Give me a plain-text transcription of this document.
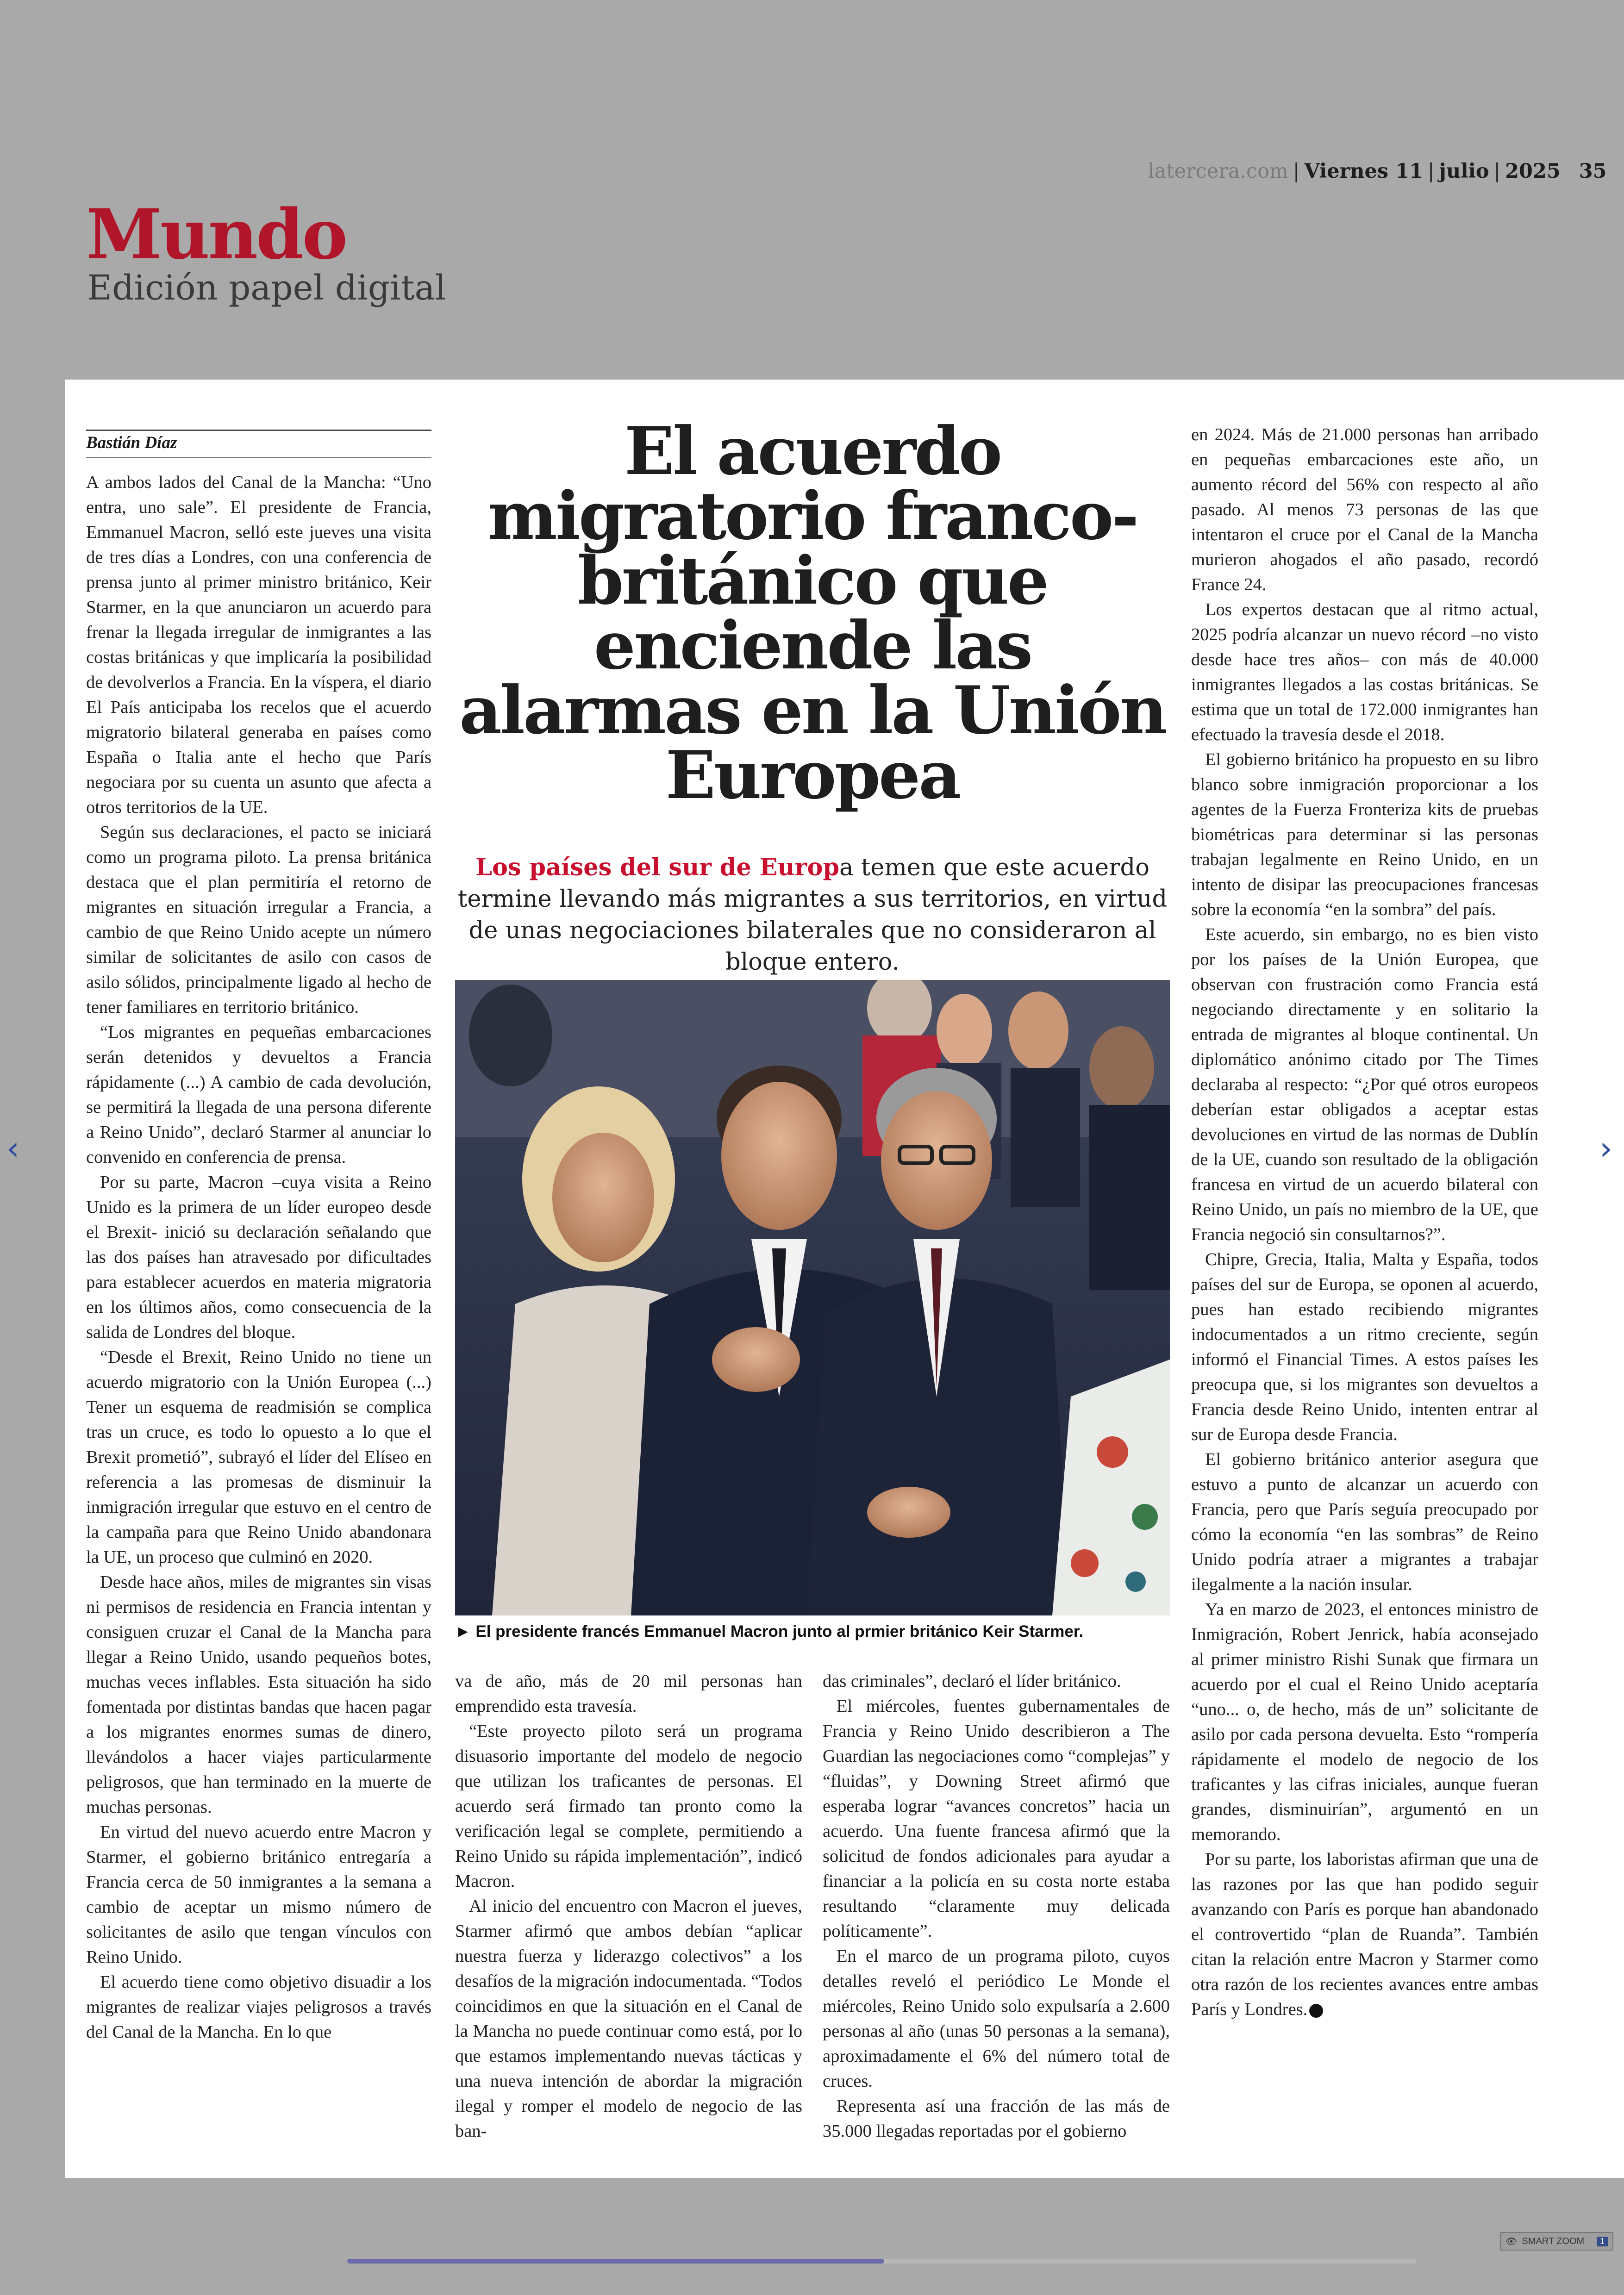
latercera.com | Viernes 11 | julio | 2025 35
Mundo
Edición papel digital
Bastián Díaz

A ambos lados del Canal de la Mancha: “Uno entra, uno sale”. El presidente de Francia, Emmanuel Macron, selló este jueves una visita de tres días a Londres, con una conferencia de prensa junto al primer ministro británico, Keir Starmer, en la que anunciaron un acuerdo para frenar la llegada irregular de inmigrantes a las costas británicas y que implicaría la posibilidad de devolverlos a Francia. En la víspera, el diario El País anticipaba los recelos que el acuerdo migratorio bilateral generaba en países como España o Italia ante el hecho que París negociara por su cuenta un asunto que afecta a otros territorios de la UE.

Según sus declaraciones, el pacto se iniciará como un programa piloto. La prensa británica destaca que el plan permitiría el retorno de migrantes en situación irregular a Francia, a cambio de que Reino Unido acepte un número similar de solicitantes de asilo con casos de asilo sólidos, principalmente ligado al hecho de tener familiares en territorio británico.

“Los migrantes en pequeñas embarcaciones serán detenidos y devueltos a Francia rápidamente (...) A cambio de cada devolución, se permitirá la llegada de una persona diferente a Reino Unido”, declaró Starmer al anunciar lo convenido en conferencia de prensa.

Por su parte, Macron –cuya visita a Reino Unido es la primera de un líder europeo desde el Brexit- inició su declaración señalando que las dos países han atravesado por dificultades para establecer acuerdos en materia migratoria en los últimos años, como consecuencia de la salida de Londres del bloque.

“Desde el Brexit, Reino Unido no tiene un acuerdo migratorio con la Unión Europea (...) Tener un esquema de readmisión se complica tras un cruce, es todo lo opuesto a lo que el Brexit prometió”, subrayó el líder del Elíseo en referencia a las promesas de disminuir la inmigración irregular que estuvo en el centro de la campaña para que Reino Unido abandonara la UE, un proceso que culminó en 2020.

Desde hace años, miles de migrantes sin visas ni permisos de residencia en Francia intentan y consiguen cruzar el Canal de la Mancha para llegar a Reino Unido, usando pequeños botes, muchas veces inflables. Esta situación ha sido fomentada por distintas bandas que hacen pagar a los migrantes enormes sumas de dinero, llevándolos a hacer viajes particularmente peligrosos, que han terminado en la muerte de muchas personas.

En virtud del nuevo acuerdo entre Macron y Starmer, el gobierno británico entregaría a Francia cerca de 50 inmigrantes a la semana a cambio de aceptar un mismo número de solicitantes de asilo que tengan vínculos con Reino Unido.

El acuerdo tiene como objetivo disuadir a los migrantes de realizar viajes peligrosos a través del Canal de la Mancha. En lo que

El acuerdo migratorio franco-británico que enciende las alarmas en la Unión Europea
Los países del sur de Europa temen que este acuerdo termine llevando más migrantes a sus territorios, en virtud de unas negociaciones bilaterales que no consideraron al bloque entero.
► El presidente francés Emmanuel Macron junto al prmier británico Keir Starmer.

va de año, más de 20 mil personas han emprendido esta travesía.

“Este proyecto piloto será un programa disuasorio importante del modelo de negocio que utilizan los traficantes de personas. El acuerdo será firmado tan pronto como la verificación legal se complete, permitiendo a Reino Unido su rápida implementación”, indicó Macron.

Al inicio del encuentro con Macron el jueves, Starmer afirmó que ambos debían “aplicar nuestra fuerza y liderazgo colectivos” a los desafíos de la migración indocumentada. “Todos coincidimos en que la situación en el Canal de la Mancha no puede continuar como está, por lo que estamos implementando nuevas tácticas y una nueva intención de abordar la migración ilegal y romper el modelo de negocio de las ban-

das criminales”, declaró el líder británico.

El miércoles, fuentes gubernamentales de Francia y Reino Unido describieron a The Guardian las negociaciones como “complejas” y “fluidas”, y Downing Street afirmó que esperaba lograr “avances concretos” hacia un acuerdo. Una fuente francesa afirmó que la solicitud de fondos adicionales para ayudar a financiar a la policía en su costa norte estaba resultando “claramente muy delicada políticamente”.

En el marco de un programa piloto, cuyos detalles reveló el periódico Le Monde el miércoles, Reino Unido solo expulsaría a 2.600 personas al año (unas 50 personas a la semana), aproximadamente el 6% del número total de cruces.

Representa así una fracción de las más de 35.000 llegadas reportadas por el gobierno

en 2024. Más de 21.000 personas han arribado en pequeñas embarcaciones este año, un aumento récord del 56% con respecto al año pasado. Al menos 73 personas de las que intentaron el cruce por el Canal de la Mancha murieron ahogados el año pasado, recordó France 24.

Los expertos destacan que al ritmo actual, 2025 podría alcanzar un nuevo récord –no visto desde hace tres años– con más de 40.000 inmigrantes llegados a las costas británicas. Se estima que un total de 172.000 inmigrantes han efectuado la travesía desde el 2018.

El gobierno británico ha propuesto en su libro blanco sobre inmigración proporcionar a los agentes de la Fuerza Fronteriza kits de pruebas biométricas para determinar si las personas trabajan legalmente en Reino Unido, en un intento de disipar las preocupaciones francesas sobre la economía “en la sombra” del país.

Este acuerdo, sin embargo, no es bien visto por los países de la Unión Europea, que observan con frustración como Francia está negociando directamente y en solitario la entrada de migrantes al bloque continental. Un diplomático anónimo citado por The Times declaraba al respecto: “¿Por qué otros europeos deberían estar obligados a aceptar estas devoluciones en virtud de las normas de Dublín de la UE, cuando son resultado de la obligación francesa en virtud de un acuerdo bilateral con Reino Unido, un país no miembro de la UE, que Francia negoció sin consultarnos?”.

Chipre, Grecia, Italia, Malta y España, todos países del sur de Europa, se oponen al acuerdo, pues han estado recibiendo migrantes indocumentados a un ritmo creciente, según informó el Financial Times. A estos países les preocupa que, si los migrantes son devueltos a Francia desde Reino Unido, intenten entrar al sur de Europa desde Francia.

El gobierno británico anterior asegura que estuvo a punto de alcanzar un acuerdo con Francia, pero que París seguía preocupado por cómo la economía “en las sombras” de Reino Unido podría atraer a migrantes a trabajar ilegalmente a la nación insular.

Ya en marzo de 2023, el entonces ministro de Inmigración, Robert Jenrick, había aconsejado al primer ministro Rishi Sunak que firmara un acuerdo por el cual el Reino Unido aceptaría “uno... o, de hecho, más de un” solicitante de asilo por cada persona devuelta. Esto “rompería rápidamente el modelo de negocio de los traficantes y las cifras iniciales, aunque fueran grandes, disminuirían”, argumentó en un memorando.

Por su parte, los laboristas afirman que una de las razones por las que han podido seguir avanzando con París es porque han abandonado el controvertido “plan de Ruanda”. También citan la relación entre Macron y Starmer como otra razón de los recientes avances entre ambas París y Londres.

‹	›
👁 SMART ZOOM	1
